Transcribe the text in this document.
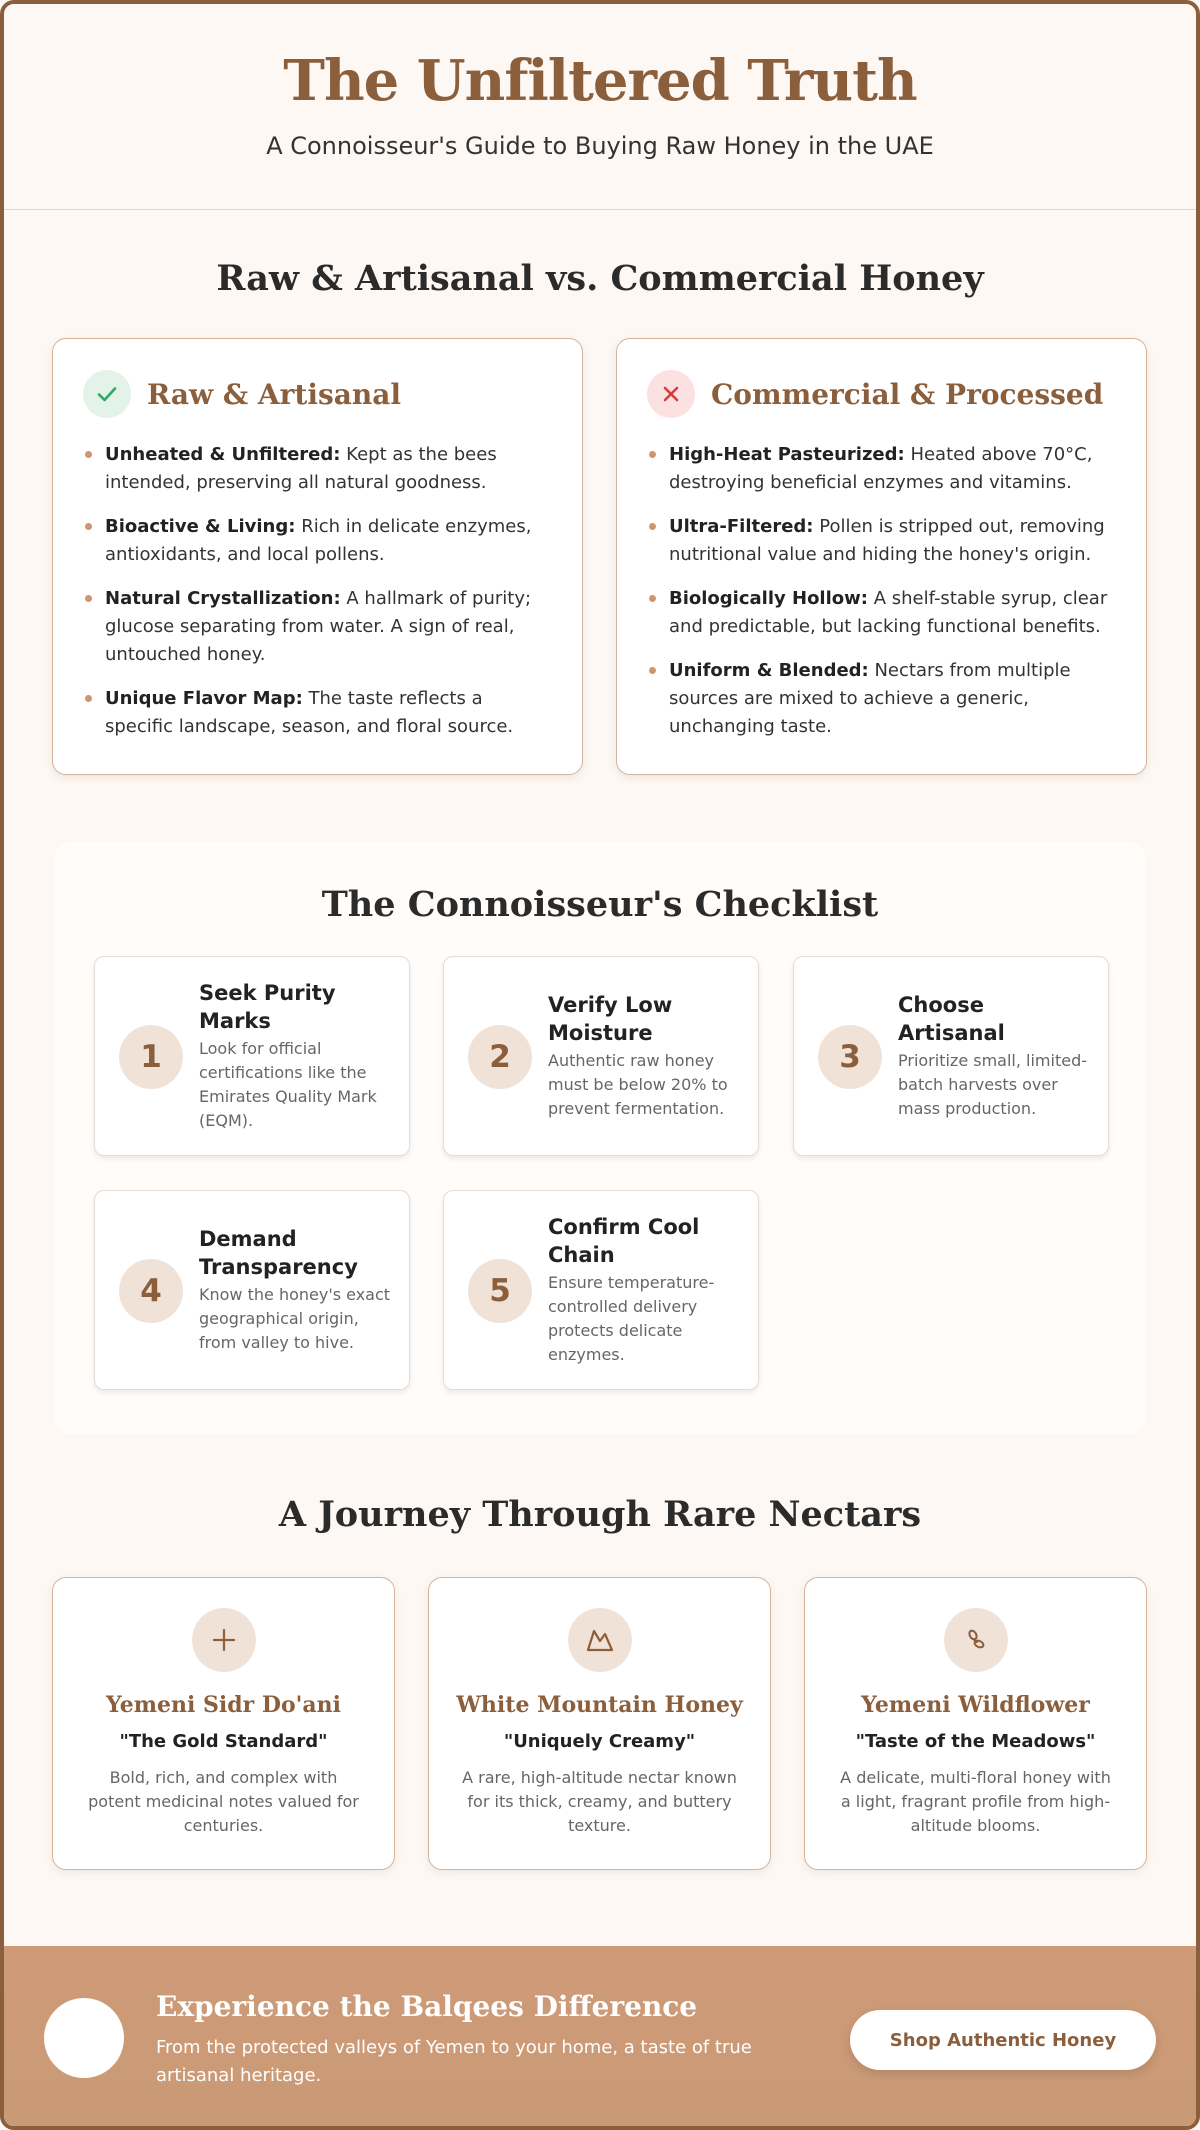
The Unfiltered Truth
A Connoisseur's Guide to Buying Raw Honey in the UAE
Raw & Artisanal vs. Commercial Honey
Raw & Artisanal
Unheated & Unfiltered: Kept as the bees intended, preserving all natural goodness.
Bioactive & Living: Rich in delicate enzymes, antioxidants, and local pollens.
Natural Crystallization: A hallmark of purity; glucose separating from water. A sign of real, untouched honey.
Unique Flavor Map: The taste reflects a specific landscape, season, and floral source.
Commercial & Processed
High-Heat Pasteurized: Heated above 70°C, destroying beneficial enzymes and vitamins.
Ultra-Filtered: Pollen is stripped out, removing nutritional value and hiding the honey's origin.
Biologically Hollow: A shelf-stable syrup, clear and predictable, but lacking functional benefits.
Uniform & Blended: Nectars from multiple sources are mixed to achieve a generic, unchanging taste.
The Connoisseur's Checklist
1
Seek Purity Marks
Look for official certifications like the Emirates Quality Mark (EQM).
2
Verify Low Moisture
Authentic raw honey must be below 20% to prevent fermentation.
3
Choose Artisanal
Prioritize small, limited-batch harvests over mass production.
4
Demand Transparency
Know the honey's exact geographical origin, from valley to hive.
5
Confirm Cool Chain
Ensure temperature-controlled delivery protects delicate enzymes.
A Journey Through Rare Nectars
Yemeni Sidr Do'ani
"The Gold Standard"
Bold, rich, and complex with potent medicinal notes valued for centuries.
White Mountain Honey
"Uniquely Creamy"
A rare, high-altitude nectar known for its thick, creamy, and buttery texture.
Yemeni Wildflower
"Taste of the Meadows"
A delicate, multi-floral honey with a light, fragrant profile from high-altitude blooms.
Experience the Balqees Difference
From the protected valleys of Yemen to your home, a taste of true artisanal heritage.
Shop Authentic Honey
